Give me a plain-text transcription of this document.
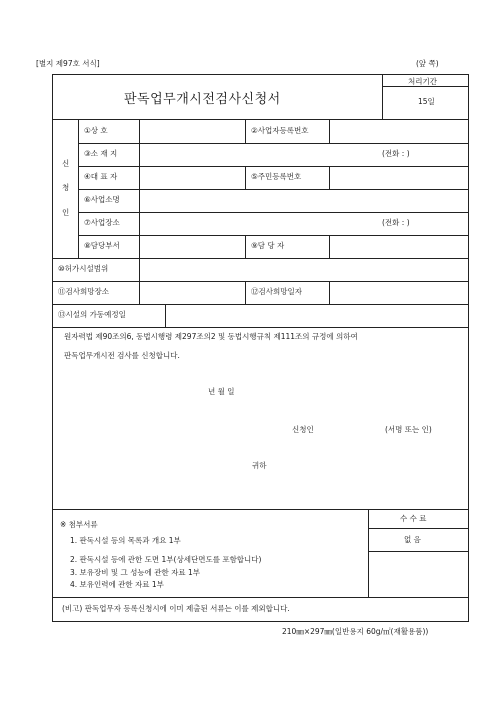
[별지 제97호 서식]	(앞 쪽)
판독업무개시전검사신청서
처리기간
15일
신
청
인
①상 호	②사업자등록번호
③소 재 지	(전화 : )
④대 표 자	⑤주민등록번호
⑥사업소명
⑦사업장소	(전화 : )
⑧담당부서	⑨담 당 자
⑩허가시설범위
⑪검사희망장소	⑫검사희망일자
⑬시설의 가동예정일
원자력법 제90조의6, 동법시행령 제297조의2 및 동법시행규칙 제111조의 규정에 의하여
판독업무개시전 검사를 신청합니다.
년 월 일
신청인	(서명 또는 인)
귀하
수 수 료
없 음
※ 첨부서류
1. 판독시설 등의 목록과 개요 1부
2. 판독시설 등에 관한 도면 1부(상세단면도를 포함합니다)
3. 보유장비 및 그 성능에 관한 자료 1부
4. 보유인력에 관한 자료 1부
(비고) 판독업무자 등록신청시에 이미 제출된 서류는 이를 제외합니다.
210㎜×297㎜(일반용지 60g/㎡(재활용품))
